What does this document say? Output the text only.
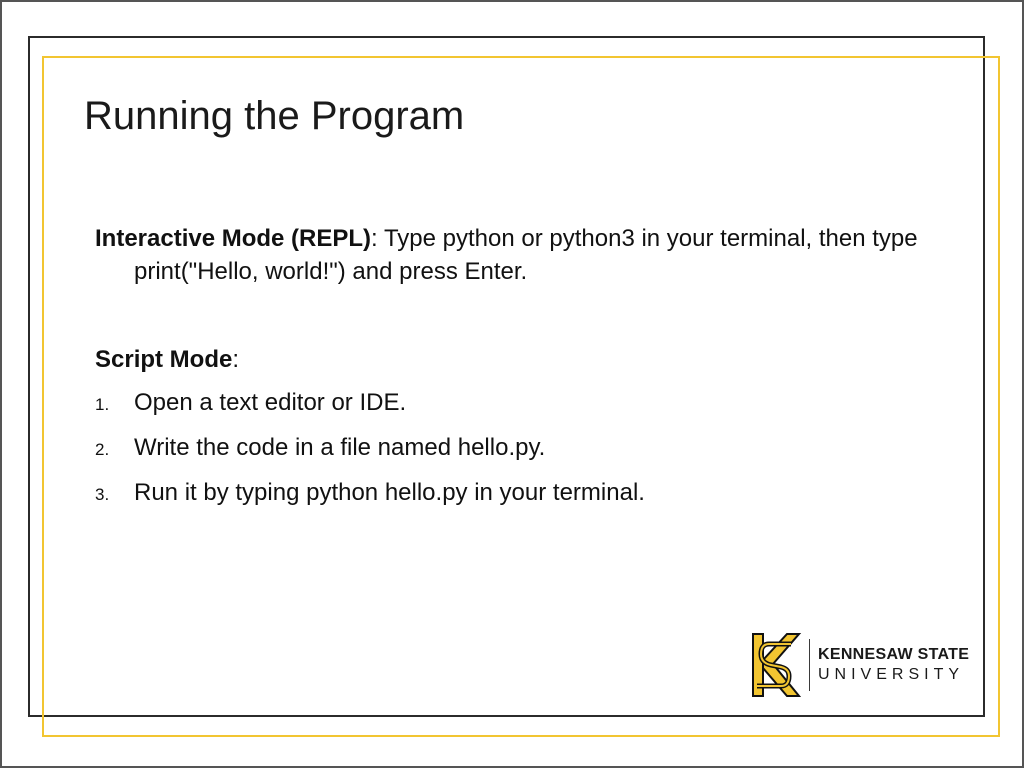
Running the Program

Interactive Mode (REPL): Type python or python3 in your terminal, then type print("Hello, world!") and press Enter.

Script Mode:
1.	Open a text editor or IDE.
2.	Write the code in a file named hello.py.
3.	Run it by typing python hello.py in your terminal.
KENNESAW STATE
UNIVERSITY
